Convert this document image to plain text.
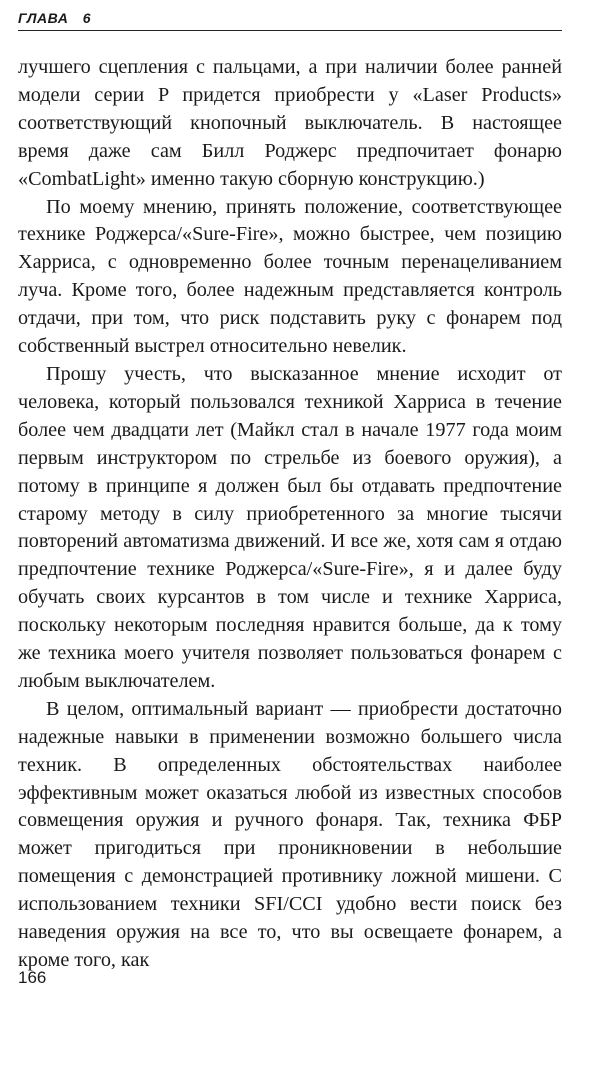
ГЛАВА 6

лучшего сцепления с пальцами, а при наличии более ранней модели серии P придется приобрести у «Laser Products» соответствующий кнопочный выключатель. В настоящее время даже сам Билл Роджерс предпочитает фонарю «CombatLight» именно такую сборную конструкцию.)

По моему мнению, принять положение, соответствующее технике Роджерса/«Sure-Fire», можно быстрее, чем позицию Харриса, с одновременно более точным перенацеливанием луча. Кроме того, более надежным представляется контроль отдачи, при том, что риск подставить руку с фонарем под собственный выстрел относительно невелик.

Прошу учесть, что высказанное мнение исходит от человека, который пользовался техникой Харриса в течение более чем двадцати лет (Майкл стал в начале 1977 года моим первым инструктором по стрельбе из боевого оружия), а потому в принципе я должен был бы отдавать предпочтение старому методу в силу приобретенного за многие тысячи повторений автоматизма движений. И все же, хотя сам я отдаю предпочтение технике Роджерса/«Sure-Fire», я и далее буду обучать своих курсантов в том числе и технике Харриса, поскольку некоторым последняя нравится больше, да к тому же техника моего учителя позволяет пользоваться фонарем с любым выключателем.

В целом, оптимальный вариант — приобрести достаточно надежные навыки в применении возможно большего числа техник. В определенных обстоятельствах наиболее эффективным может оказаться любой из известных способов совмещения оружия и ручного фонаря. Так, техника ФБР может пригодиться при проникновении в небольшие помещения с демонстрацией противнику ложной мишени. С использованием техники SFI/CCI удобно вести поиск без наведения оружия на все то, что вы освещаете фонарем, а кроме того, как

166
